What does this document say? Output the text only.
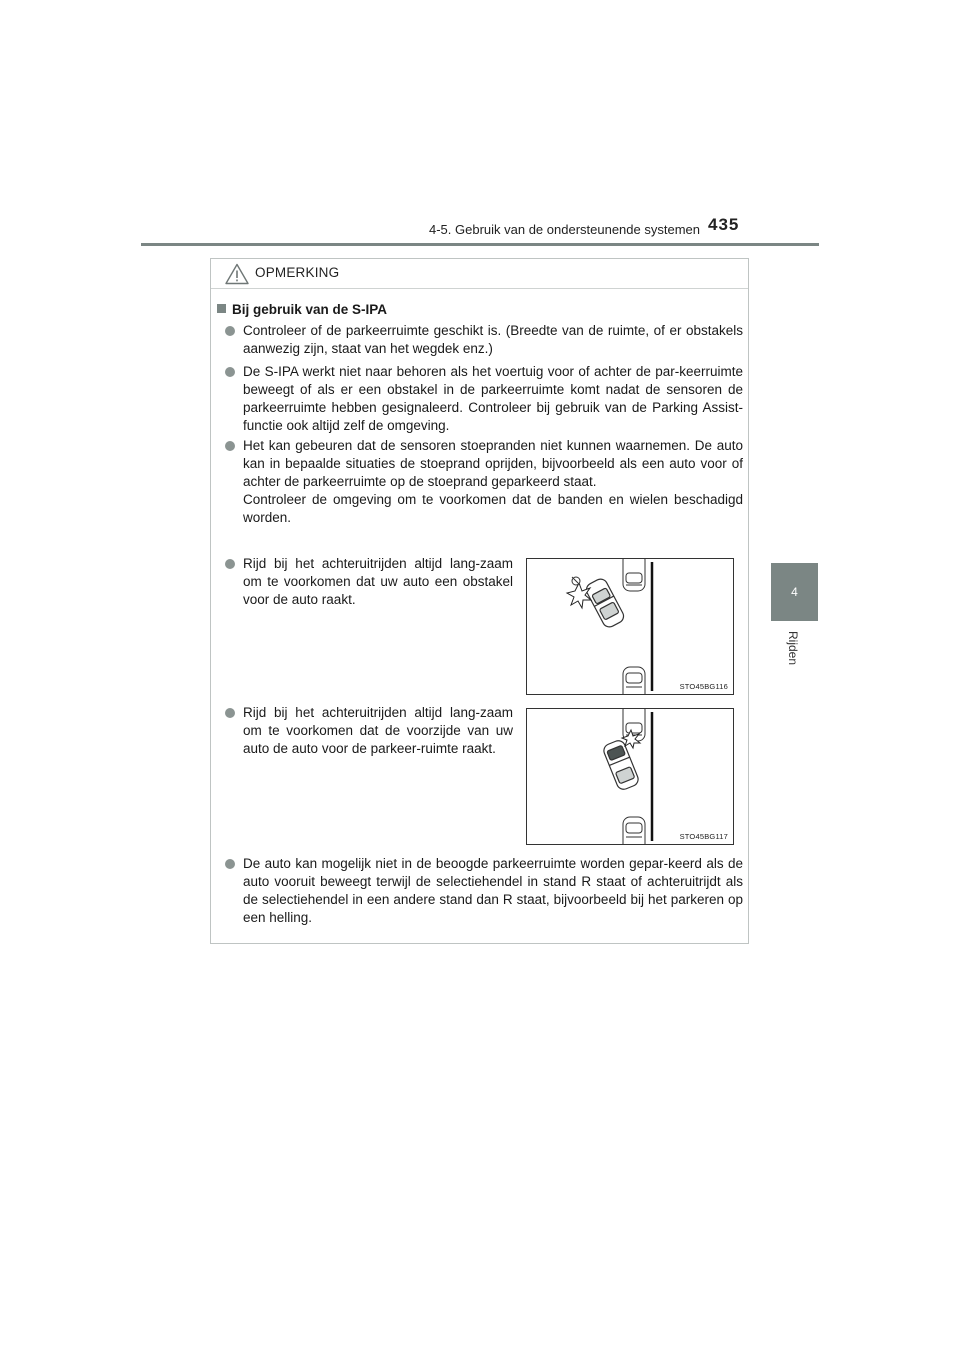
4-5. Gebruik van de ondersteunende systemen 435
4
Rijden
OPMERKING
Bij gebruik van de S-IPA
Controleer of de parkeerruimte geschikt is. (Breedte van de ruimte, of er obstakels aanwezig zijn, staat van het wegdek enz.)
De S-IPA werkt niet naar behoren als het voertuig voor of achter de par-keerruimte beweegt of als er een obstakel in de parkeerruimte komt nadat de sensoren de parkeerruimte hebben gesignaleerd. Controleer bij gebruik van de Parking Assist-functie ook altijd zelf de omgeving.
Het kan gebeuren dat de sensoren stoepranden niet kunnen waarnemen. De auto kan in bepaalde situaties de stoeprand oprijden, bijvoorbeeld als een auto voor of achter de parkeerruimte op de stoeprand geparkeerd staat.
Controleer de omgeving om te voorkomen dat de banden en wielen beschadigd worden.
Rijd bij het achteruitrijden altijd lang-zaam om te voorkomen dat uw auto een obstakel voor de auto raakt.
Rijd bij het achteruitrijden altijd lang-zaam om te voorkomen dat de voorzijde van uw auto de auto voor de parkeer-ruimte raakt.
De auto kan mogelijk niet in de beoogde parkeerruimte worden gepar-keerd als de auto vooruit beweegt terwijl de selectiehendel in stand R staat of achteruitrijdt als de selectiehendel in een andere stand dan R staat, bijvoorbeeld bij het parkeren op een helling.
STO45BG116
STO45BG117
